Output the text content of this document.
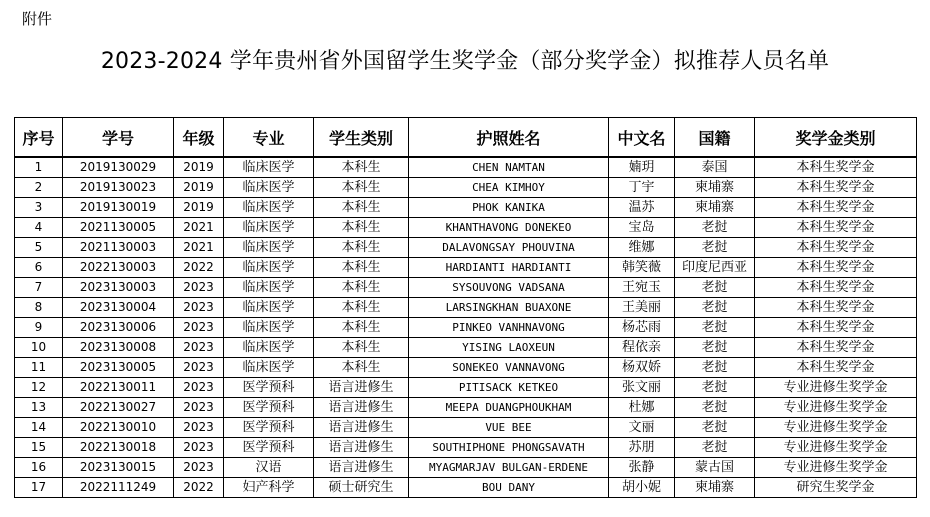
附件
2023-2024 学年贵州省外国留学生奖学金（部分奖学金）拟推荐人员名单
序号	学号	年级	专业	学生类别	护照姓名	中文名	国籍	奖学金类别
1	2019130029	2019	临床医学	本科生	CHEN NAMTAN	婻玥	泰国	本科生奖学金
2	2019130023	2019	临床医学	本科生	CHEA KIMHOY	丁宇	柬埔寨	本科生奖学金
3	2019130019	2019	临床医学	本科生	PHOK KANIKA	温苏	柬埔寨	本科生奖学金
4	2021130005	2021	临床医学	本科生	KHANTHAVONG DONEKEO	宝岛	老挝	本科生奖学金
5	2021130003	2021	临床医学	本科生	DALAVONGSAY PHOUVINA	维娜	老挝	本科生奖学金
6	2022130003	2022	临床医学	本科生	HARDIANTI HARDIANTI	韩笑薇	印度尼西亚	本科生奖学金
7	2023130003	2023	临床医学	本科生	SYSOUVONG VADSANA	王宛玉	老挝	本科生奖学金
8	2023130004	2023	临床医学	本科生	LARSINGKHAN BUAXONE	王美丽	老挝	本科生奖学金
9	2023130006	2023	临床医学	本科生	PINKEO VANHNAVONG	杨芯雨	老挝	本科生奖学金
10	2023130008	2023	临床医学	本科生	YISING LAOXEUN	程依亲	老挝	本科生奖学金
11	2023130005	2023	临床医学	本科生	SONEKEO VANNAVONG	杨双娇	老挝	本科生奖学金
12	2022130011	2023	医学预科	语言进修生	PITISACK KETKEO	张文丽	老挝	专业进修生奖学金
13	2022130027	2023	医学预科	语言进修生	MEEPA DUANGPHOUKHAM	杜娜	老挝	专业进修生奖学金
14	2022130010	2023	医学预科	语言进修生	VUE BEE	文丽	老挝	专业进修生奖学金
15	2022130018	2023	医学预科	语言进修生	SOUTHIPHONE PHONGSAVATH	苏朋	老挝	专业进修生奖学金
16	2023130015	2023	汉语	语言进修生	MYAGMARJAV BULGAN-ERDENE	张静	蒙古国	专业进修生奖学金
17	2022111249	2022	妇产科学	硕士研究生	BOU DANY	胡小妮	柬埔寨	研究生奖学金
